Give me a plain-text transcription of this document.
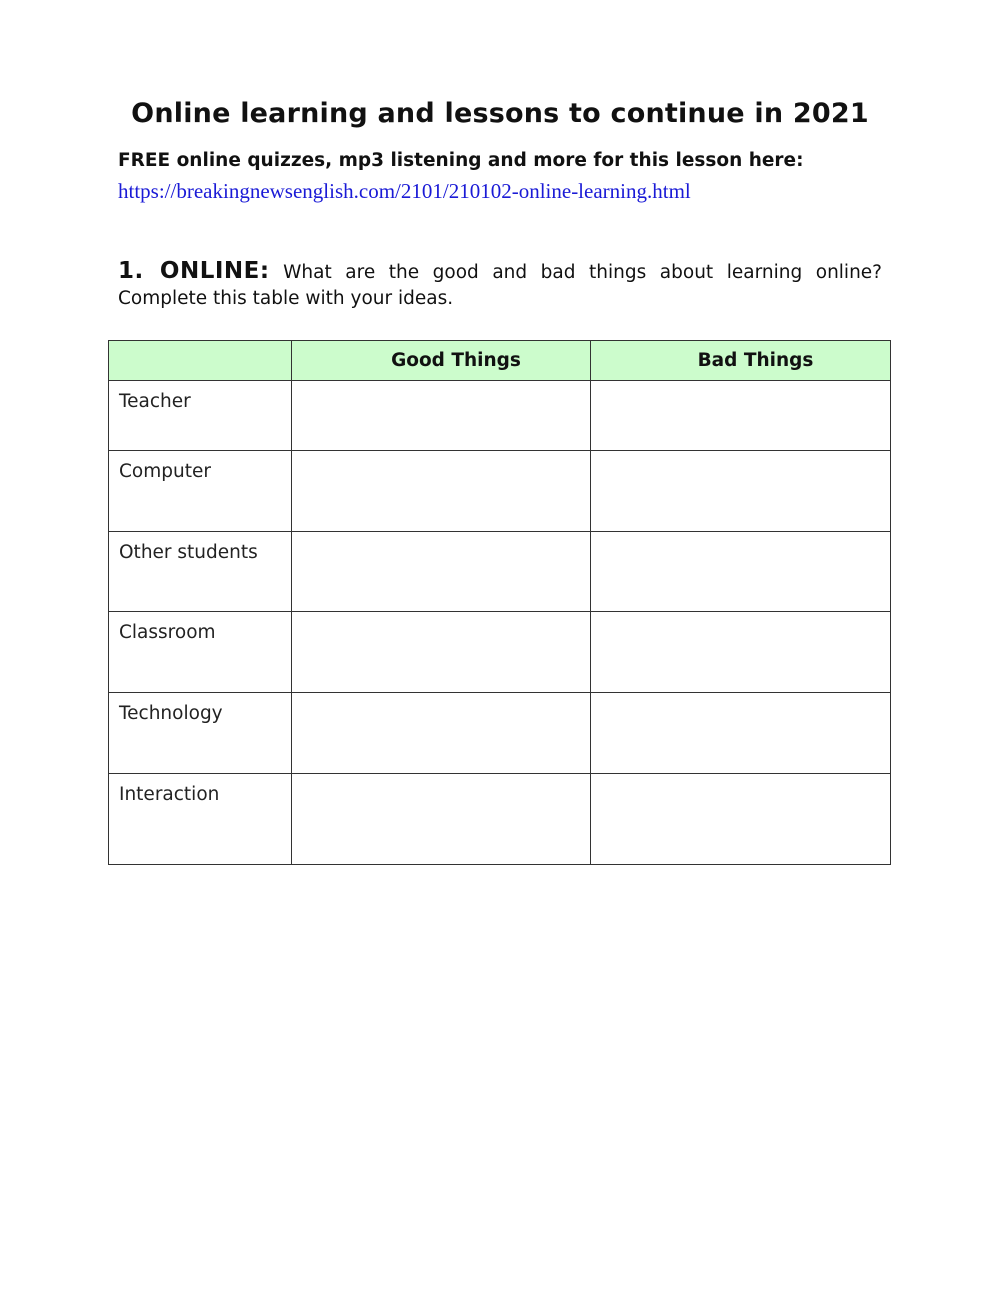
Online learning and lessons to continue in 2021
FREE online quizzes, mp3 listening and more for this lesson here:
https://breakingnewsenglish.com/2101/210102-online-learning.html
1. ONLINE: What are the good and bad things about learning online? Complete this table with your ideas.
	Good Things	Bad Things
Teacher		
Computer		
Other students		
Classroom		
Technology		
Interaction		
